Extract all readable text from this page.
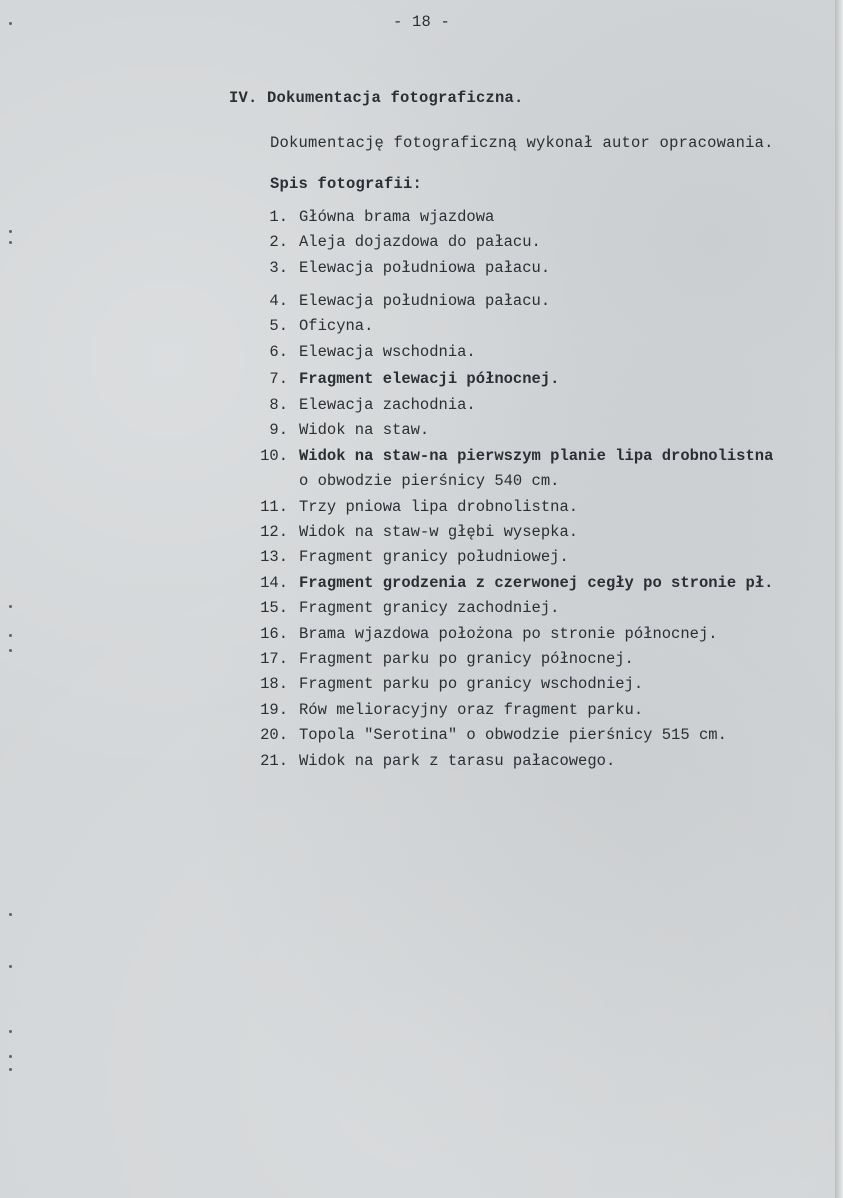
- 18 -
IV. Dokumentacja fotograficzna.
Dokumentację fotograficzną wykonał autor opracowania.
Spis fotografii:
1. Główna brama wjazdowa
2. Aleja dojazdowa do pałacu.
3. Elewacja południowa pałacu.
4. Elewacja południowa pałacu.
5. Oficyna.
6. Elewacja wschodnia.
7. Fragment elewacji północnej.
8. Elewacja zachodnia.
9. Widok na staw.
10. Widok na staw-na pierwszym planie lipa drobnolistna
o obwodzie pierśnicy 540 cm.
11. Trzy pniowa lipa drobnolistna.
12. Widok na staw-w głębi wysepka.
13. Fragment granicy południowej.
14. Fragment grodzenia z czerwonej cegły po stronie pł.
15. Fragment granicy zachodniej.
16. Brama wjazdowa położona po stronie północnej.
17. Fragment parku po granicy północnej.
18. Fragment parku po granicy wschodniej.
19. Rów melioracyjny oraz fragment parku.
20. Topola "Serotina" o obwodzie pierśnicy 515 cm.
21. Widok na park z tarasu pałacowego.
